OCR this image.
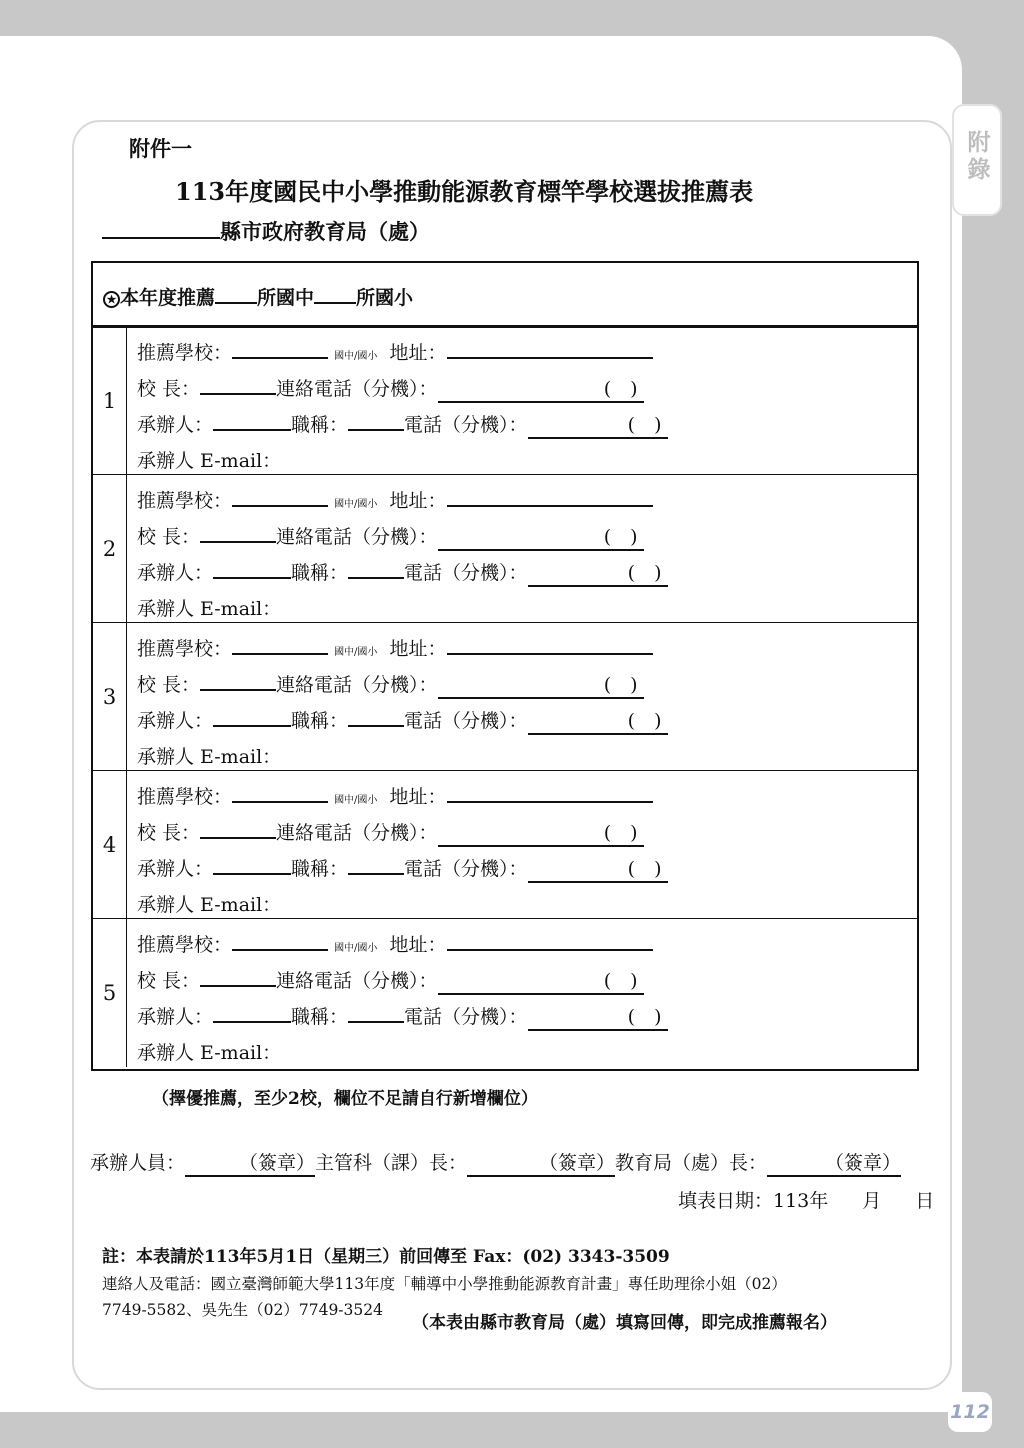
附錄
112
附件一
113年度國民中小學推動能源教育標竿學校選拔推薦表
縣市政府教育局（處）
★ 本年度推薦 所國中 所國小
1
推薦學校：	國中/國小 地址：
校 長：	連絡電話（分機）：	(　)
承辦人：	職稱：	電話（分機）：	(　)
承辦人 E-mail：
2
推薦學校：	國中/國小 地址：
校 長：	連絡電話（分機）：	(　)
承辦人：	職稱：	電話（分機）：	(　)
承辦人 E-mail：
3
推薦學校：	國中/國小 地址：
校 長：	連絡電話（分機）：	(　)
承辦人：	職稱：	電話（分機）：	(　)
承辦人 E-mail：
4
推薦學校：	國中/國小 地址：
校 長：	連絡電話（分機）：	(　)
承辦人：	職稱：	電話（分機）：	(　)
承辦人 E-mail：
5
推薦學校：	國中/國小 地址：
校 長：	連絡電話（分機）：	(　)
承辦人：	職稱：	電話（分機）：	(　)
承辦人 E-mail：
（擇優推薦，至少2校，欄位不足請自行新增欄位）
承辦人員：	（簽章）主管科（課）長：	（簽章）教育局（處）長：	（簽章）
填表日期：113年 月 日
註：本表請於113年5月1日（星期三）前回傳至 Fax：(02) 3343-3509
連絡人及電話：國立臺灣師範大學113年度「輔導中小學推動能源教育計畫」專任助理徐小姐（02）
7749-5582、吳先生（02）7749-3524
（本表由縣市教育局（處）填寫回傳，即完成推薦報名）
